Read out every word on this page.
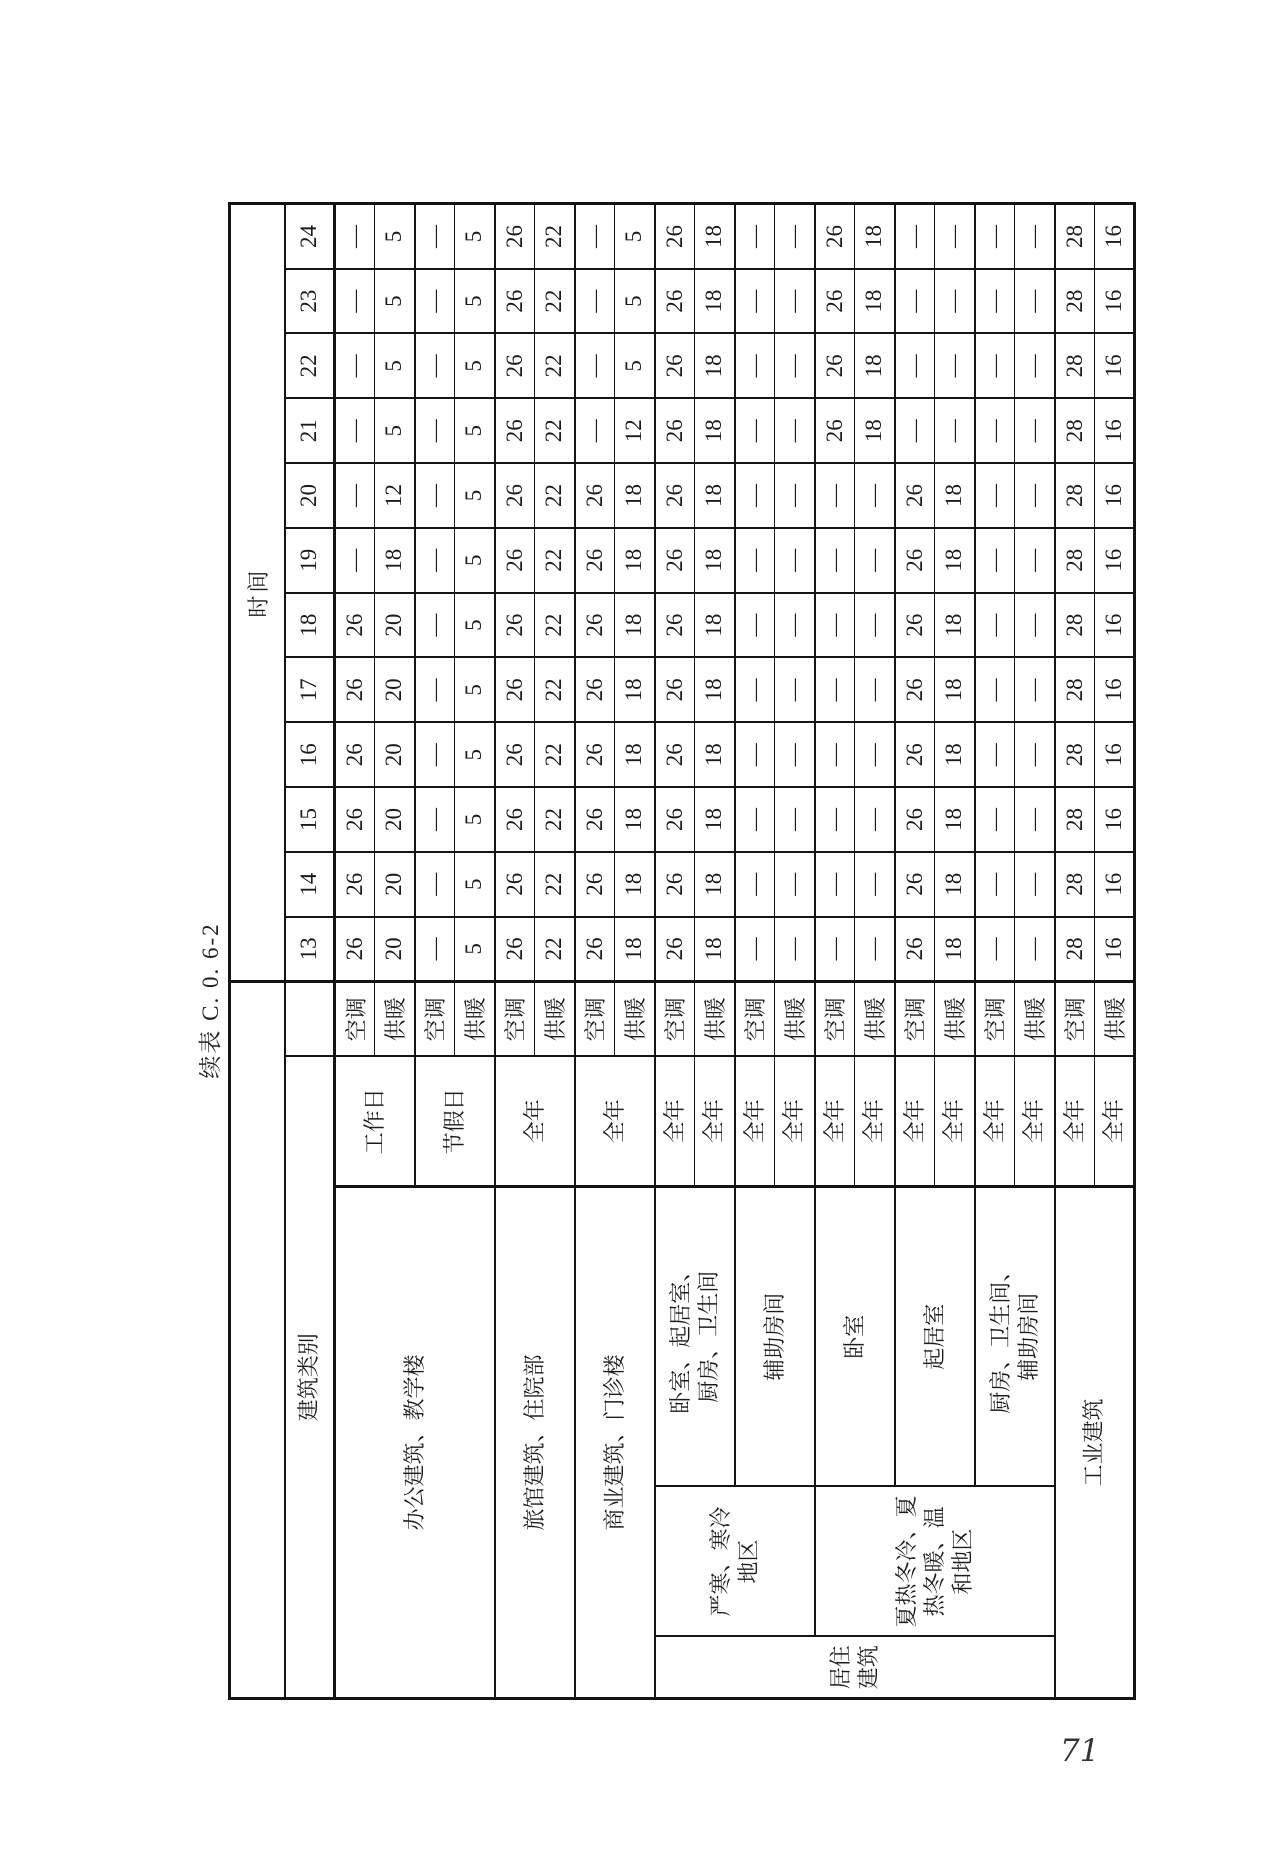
续表 C. 0. 6-2
					时间											
建筑类别					13	14	15	16	17	18	19	20	21	22	23	24
办公建筑、教学楼			工作日	空调	26	26	26	26	26	26	—	—	—	—	—	—
				供暖	20	20	20	20	20	20	18	12	5	5	5	5
			节假日	空调	—	—	—	—	—	—	—	—	—	—	—	—
				供暖	5	5	5	5	5	5	5	5	5	5	5	5
旅馆建筑、住院部			全年	空调	26	26	26	26	26	26	26	26	26	26	26	26
				供暖	22	22	22	22	22	22	22	22	22	22	22	22
商业建筑、门诊楼			全年	空调	26	26	26	26	26	26	26	26	—	—	—	—
				供暖	18	18	18	18	18	18	18	18	12	5	5	5
居住 建筑	严寒、寒冷 地区	卧室、起居室、 厨房、卫生间	全年	空调	26	26	26	26	26	26	26	26	26	26	26	26
			全年	供暖	18	18	18	18	18	18	18	18	18	18	18	18
		辅助房间	全年	空调	—	—	—	—	—	—	—	—	—	—	—	—
			全年	供暖	—	—	—	—	—	—	—	—	—	—	—	—
	夏热冬冷、夏 热冬暖、温 和地区	卧室	全年	空调	—	—	—	—	—	—	—	—	26	26	26	26
			全年	供暖	—	—	—	—	—	—	—	—	18	18	18	18
		起居室	全年	空调	26	26	26	26	26	26	26	26	—	—	—	—
			全年	供暖	18	18	18	18	18	18	18	18	—	—	—	—
		厨房、卫生间、 辅助房间	全年	空调	—	—	—	—	—	—	—	—	—	—	—	—
			全年	供暖	—	—	—	—	—	—	—	—	—	—	—	—
工业建筑			全年	空调	28	28	28	28	28	28	28	28	28	28	28	28
			全年	供暖	16	16	16	16	16	16	16	16	16	16	16	16
71
